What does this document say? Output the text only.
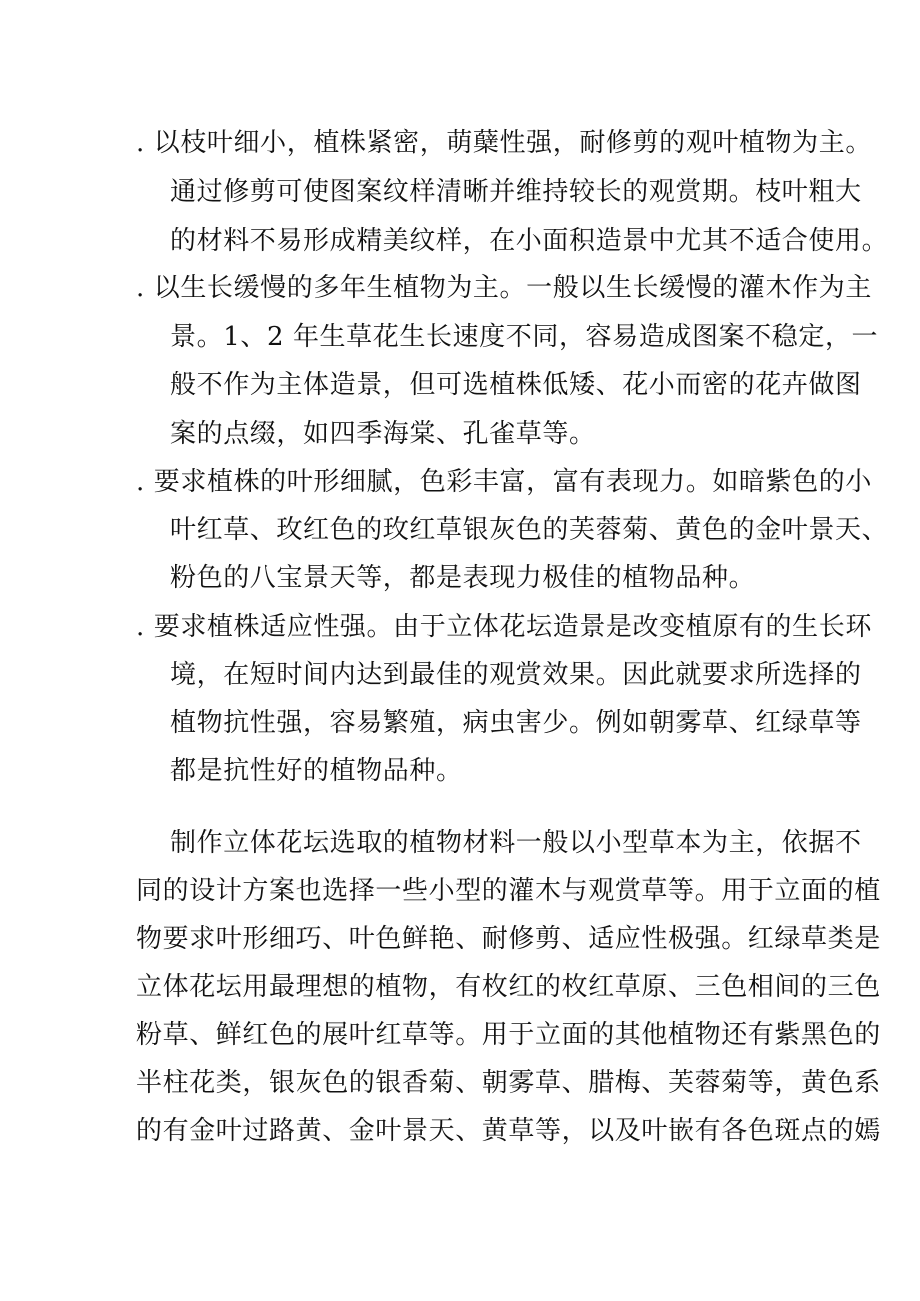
. 以枝叶细小，植株紧密，萌蘖性强，耐修剪的观叶植物为主。
通过修剪可使图案纹样清晰并维持较长的观赏期。枝叶粗大
的材料不易形成精美纹样，在小面积造景中尤其不适合使用。
. 以生长缓慢的多年生植物为主。一般以生长缓慢的灌木作为主
景。1、2 年生草花生长速度不同，容易造成图案不稳定，一
般不作为主体造景，但可选植株低矮、花小而密的花卉做图
案的点缀，如四季海棠、孔雀草等。
. 要求植株的叶形细腻，色彩丰富，富有表现力。如暗紫色的小
叶红草、玫红色的玫红草银灰色的芙蓉菊、黄色的金叶景天、
粉色的八宝景天等，都是表现力极佳的植物品种。
. 要求植株适应性强。由于立体花坛造景是改变植原有的生长环
境，在短时间内达到最佳的观赏效果。因此就要求所选择的
植物抗性强，容易繁殖，病虫害少。例如朝雾草、红绿草等
都是抗性好的植物品种。
制作立体花坛选取的植物材料一般以小型草本为主，依据不
同的设计方案也选择一些小型的灌木与观赏草等。用于立面的植
物要求叶形细巧、叶色鲜艳、耐修剪、适应性极强。红绿草类是
立体花坛用最理想的植物，有枚红的枚红草原、三色相间的三色
粉草、鲜红色的展叶红草等。用于立面的其他植物还有紫黑色的
半柱花类，银灰色的银香菊、朝雾草、腊梅、芙蓉菊等，黄色系
的有金叶过路黄、金叶景天、黄草等，以及叶嵌有各色斑点的嫣
